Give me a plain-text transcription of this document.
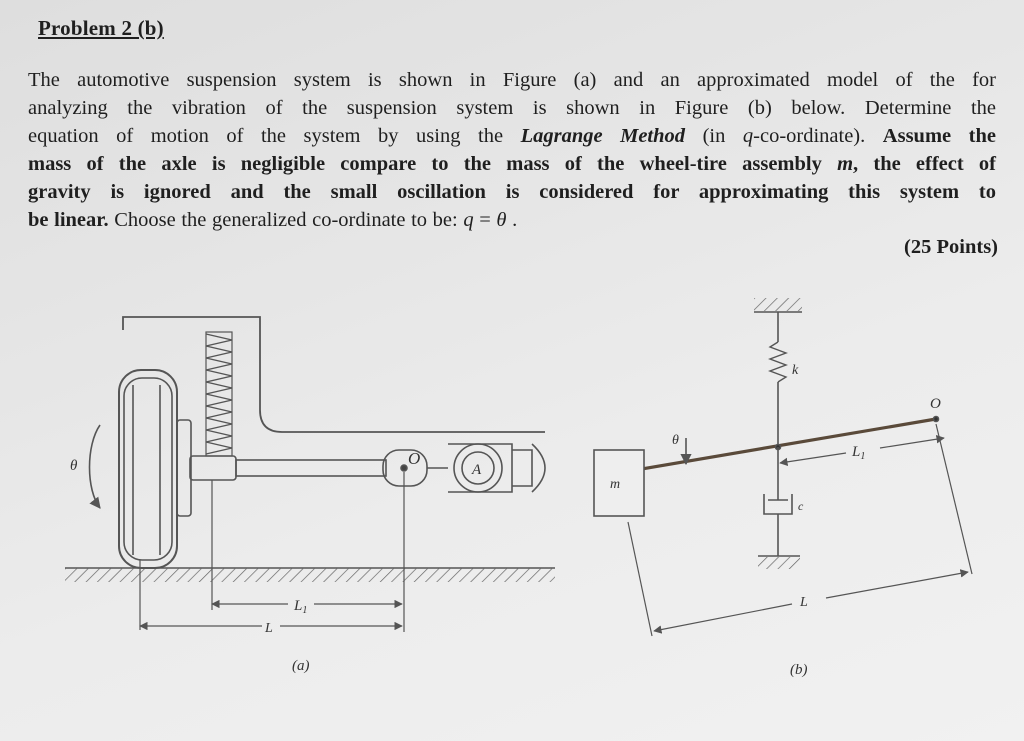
Problem 2 (b)
The automotive suspension system is shown in Figure (a) and an approximated model of the for
analyzing the vibration of the suspension system is shown in Figure (b) below. Determine the
equation of motion of the system by using the Lagrange Method (in q-co-ordinate). Assume the
mass of the axle is negligible compare to the mass of the wheel-tire assembly m, the effect of
gravity is ignored and the small oscillation is considered for approximating this system to
be linear. Choose the generalized co-ordinate to be: q = θ .
(25 Points)
θ	O
A
$L_1$
L
(a)
θ
m
k
c
O
$L_1$
L
(b)
